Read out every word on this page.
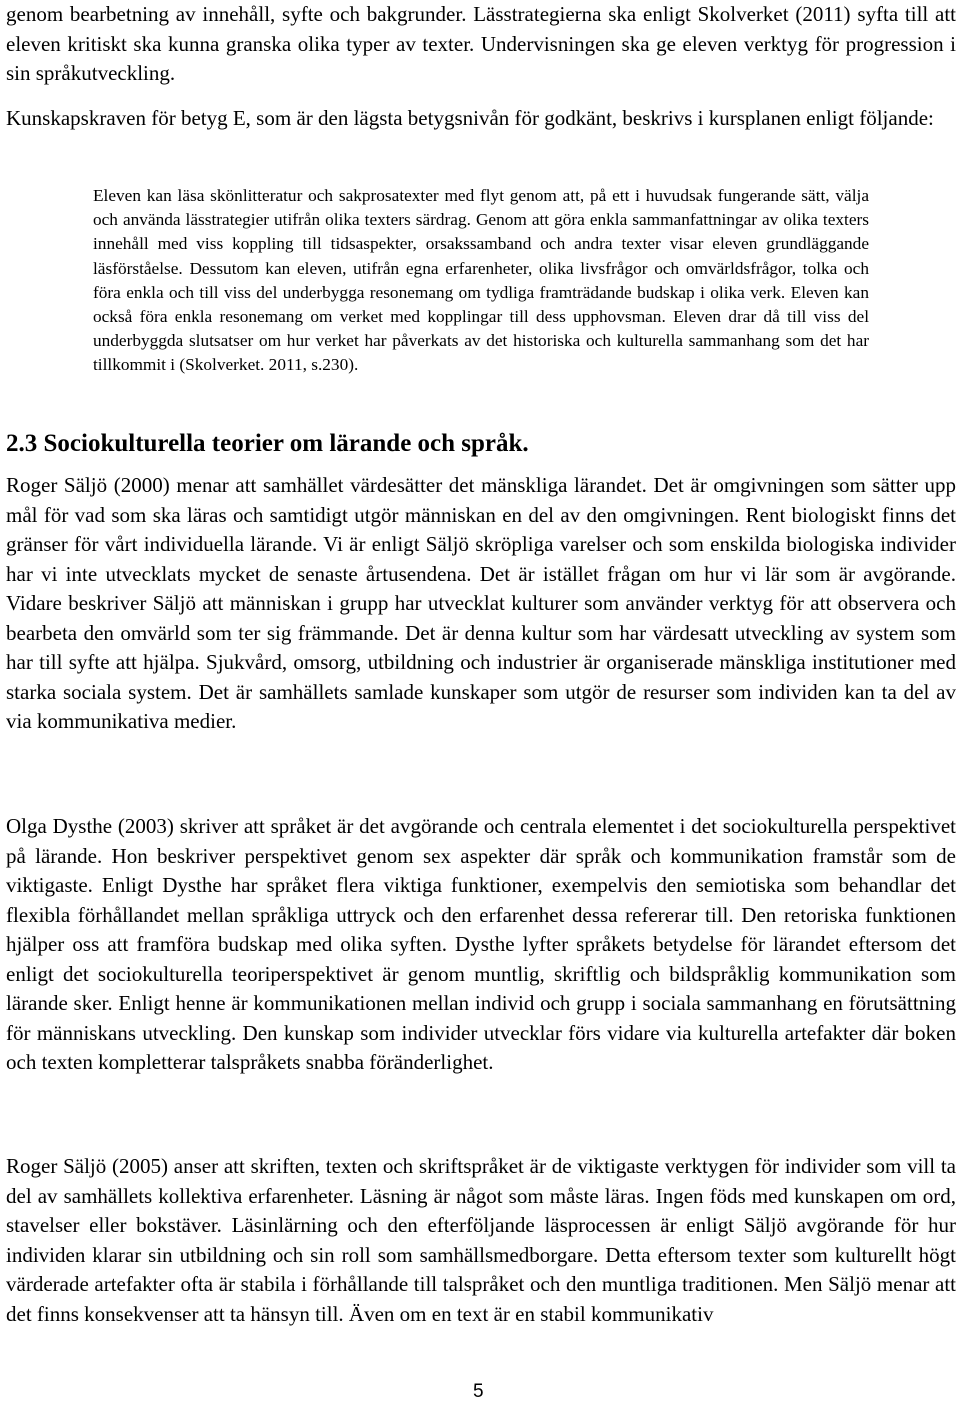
genom bearbetning av innehåll, syfte och bakgrunder. Lässtrategierna ska enligt Skolverket (2011) syfta till att eleven kritiskt ska kunna granska olika typer av texter. Undervisningen ska ge eleven verktyg för progression i sin språkutveckling.

Kunskapskraven för betyg E, som är den lägsta betygsnivån för godkänt, beskrivs i kursplanen enligt följande:

Eleven kan läsa skönlitteratur och sakprosatexter med flyt genom att, på ett i huvudsak fungerande sätt, välja och använda lässtrategier utifrån olika texters särdrag. Genom att göra enkla sammanfattningar av olika texters innehåll med viss koppling till tidsaspekter, orsakssamband och andra texter visar eleven grundläggande läsförståelse. Dessutom kan eleven, utifrån egna erfarenheter, olika livsfrågor och omvärldsfrågor, tolka och föra enkla och till viss del underbygga resonemang om tydliga framträdande budskap i olika verk. Eleven kan också föra enkla resonemang om verket med kopplingar till dess upphovsman. Eleven drar då till viss del underbyggda slutsatser om hur verket har påverkats av det historiska och kulturella sammanhang som det har tillkommit i (Skolverket. 2011, s.230).

2.3 Sociokulturella teorier om lärande och språk.

Roger Säljö (2000) menar att samhället värdesätter det mänskliga lärandet. Det är omgivningen som sätter upp mål för vad som ska läras och samtidigt utgör människan en del av den omgivningen. Rent biologiskt finns det gränser för vårt individuella lärande. Vi är enligt Säljö skröpliga varelser och som enskilda biologiska individer har vi inte utvecklats mycket de senaste årtusendena. Det är istället frågan om hur vi lär som är avgörande. Vidare beskriver Säljö att människan i grupp har utvecklat kulturer som använder verktyg för att observera och bearbeta den omvärld som ter sig främmande. Det är denna kultur som har värdesatt utveckling av system som har till syfte att hjälpa. Sjukvård, omsorg, utbildning och industrier är organiserade mänskliga institutioner med starka sociala system. Det är samhällets samlade kunskaper som utgör de resurser som individen kan ta del av via kommunikativa medier.

Olga Dysthe (2003) skriver att språket är det avgörande och centrala elementet i det sociokulturella perspektivet på lärande. Hon beskriver perspektivet genom sex aspekter där språk och kommunikation framstår som de viktigaste. Enligt Dysthe har språket flera viktiga funktioner, exempelvis den semiotiska som behandlar det flexibla förhållandet mellan språkliga uttryck och den erfarenhet dessa refererar till. Den retoriska funktionen hjälper oss att framföra budskap med olika syften. Dysthe lyfter språkets betydelse för lärandet eftersom det enligt det sociokulturella teoriperspektivet är genom muntlig, skriftlig och bildspråklig kommunikation som lärande sker. Enligt henne är kommunikationen mellan individ och grupp i sociala sammanhang en förutsättning för människans utveckling. Den kunskap som individer utvecklar förs vidare via kulturella artefakter där boken och texten kompletterar talspråkets snabba föränderlighet.

Roger Säljö (2005) anser att skriften, texten och skriftspråket är de viktigaste verktygen för individer som vill ta del av samhällets kollektiva erfarenheter. Läsning är något som måste läras. Ingen föds med kunskapen om ord, stavelser eller bokstäver. Läsinlärning och den efterföljande läsprocessen är enligt Säljö avgörande för hur individen klarar sin utbildning och sin roll som samhällsmedborgare. Detta eftersom texter som kulturellt högt värderade artefakter ofta är stabila i förhållande till talspråket och den muntliga traditionen. Men Säljö menar att det finns konsekvenser att ta hänsyn till. Även om en text är en stabil kommunikativ

5
